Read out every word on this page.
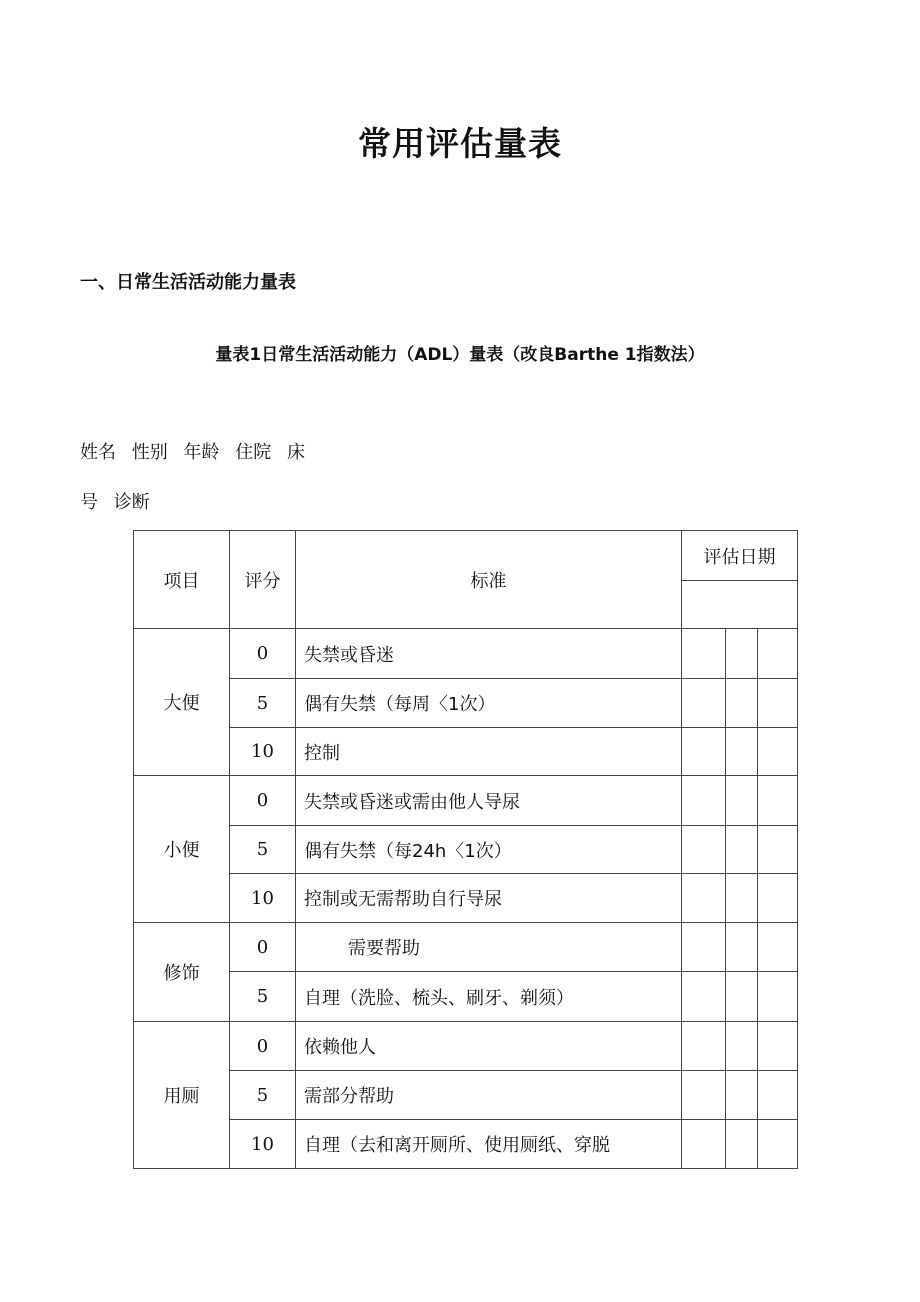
常用评估量表
一、日常生活活动能力量表
量表1日常生活活动能力（ADL）量表（改良Barthe 1指数法）
姓名 性别 年龄 住院 床
号 诊断
项目	评分	标准	评估日期		

大便	0	失禁或昏迷			
	5	偶有失禁（每周〈1次）			
	10	控制			
小便	0	失禁或昏迷或需由他人导尿			
	5	偶有失禁（每24h〈1次）			
	10	控制或无需帮助自行导尿			
修饰	0	需要帮助			
	5	自理（洗脸、梳头、刷牙、剃须）			
用厕	0	依赖他人			
	5	需部分帮助			
	10	自理（去和离开厕所、使用厕纸、穿脱			
